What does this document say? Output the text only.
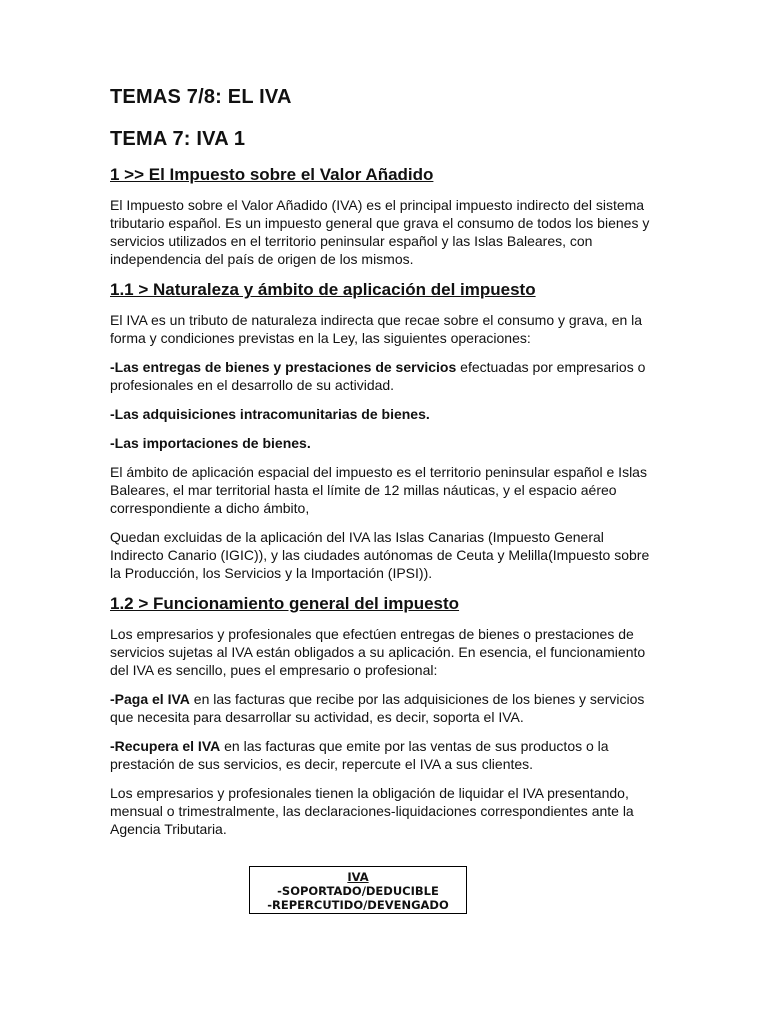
TEMAS 7/8: EL IVA
TEMA 7: IVA 1
1 >> El Impuesto sobre el Valor Añadido

El Impuesto sobre el Valor Añadido (IVA) es el principal impuesto indirecto del sistema tributario español. Es un impuesto general que grava el consumo de todos los bienes y servicios utilizados en el territorio peninsular español y las Islas Baleares, con independencia del país de origen de los mismos.

1.1 > Naturaleza y ámbito de aplicación del impuesto

El IVA es un tributo de naturaleza indirecta que recae sobre el consumo y grava, en la forma y condiciones previstas en la Ley, las siguientes operaciones:

-Las entregas de bienes y prestaciones de servicios efectuadas por empresarios o profesionales en el desarrollo de su actividad.

-Las adquisiciones intracomunitarias de bienes.

-Las importaciones de bienes.

El ámbito de aplicación espacial del impuesto es el territorio peninsular español e Islas Baleares, el mar territorial hasta el límite de 12 millas náuticas, y el espacio aéreo correspondiente a dicho ámbito,

Quedan excluidas de la aplicación del IVA las Islas Canarias (Impuesto General Indirecto Canario (IGIC)), y las ciudades autónomas de Ceuta y Melilla(Impuesto sobre la Producción, los Servicios y la Importación (IPSI)).

1.2 > Funcionamiento general del impuesto

Los empresarios y profesionales que efectúen entregas de bienes o prestaciones de servicios sujetas al IVA están obligados a su aplicación. En esencia, el funcionamiento del IVA es sencillo, pues el empresario o profesional:

-Paga el IVA en las facturas que recibe por las adquisiciones de los bienes y servicios que necesita para desarrollar su actividad, es decir, soporta el IVA.

-Recupera el IVA en las facturas que emite por las ventas de sus productos o la prestación de sus servicios, es decir, repercute el IVA a sus clientes.

Los empresarios y profesionales tienen la obligación de liquidar el IVA presentando, mensual o trimestralmente, las declaraciones-liquidaciones correspondientes ante la Agencia Tributaria.

IVA
-SOPORTADO/DEDUCIBLE
-REPERCUTIDO/DEVENGADO
